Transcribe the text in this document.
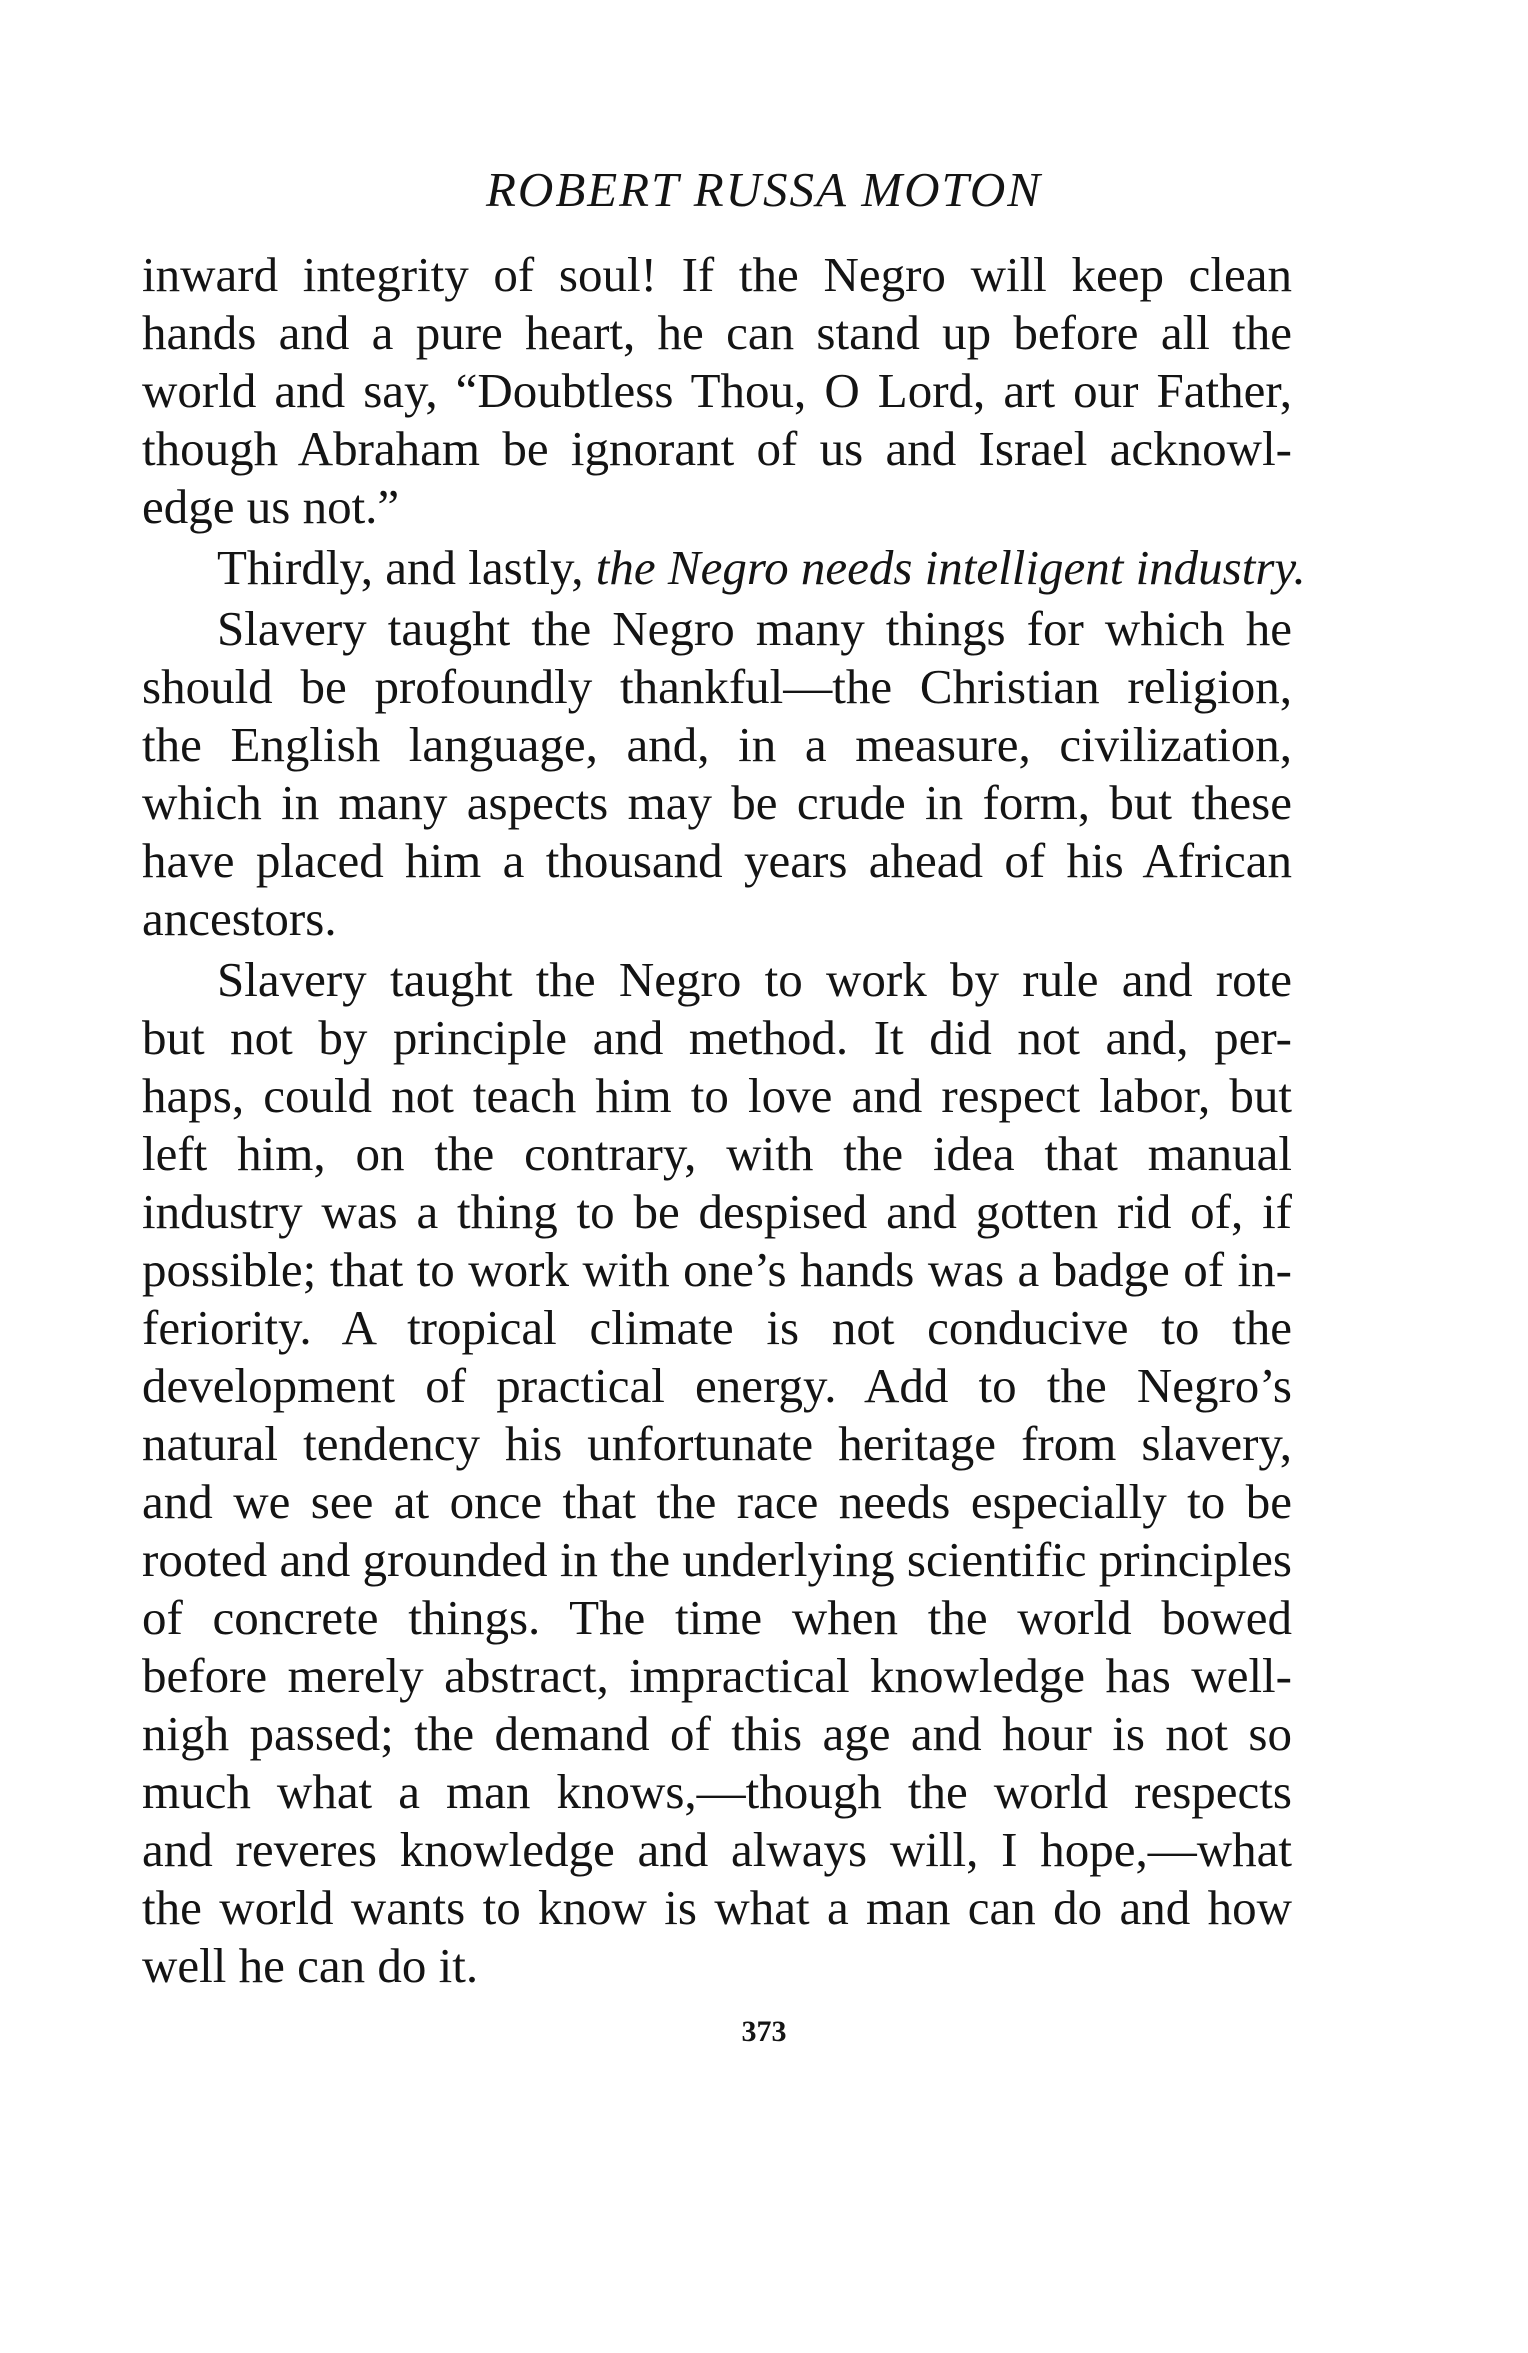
ROBERT RUSSA MOTON
inward integrity of soul! If the Negro will keep clean
hands and a pure heart, he can stand up before all the
world and say, “Doubtless Thou, O Lord, art our Father,
though Abraham be ignorant of us and Israel acknowl-
edge us not.”
Thirdly, and lastly, the Negro needs intelligent industry.
Slavery taught the Negro many things for which he
should be profoundly thankful—the Christian religion,
the English language, and, in a measure, civilization,
which in many aspects may be crude in form, but these
have placed him a thousand years ahead of his African
ancestors.
Slavery taught the Negro to work by rule and rote
but not by principle and method. It did not and, per-
haps, could not teach him to love and respect labor, but
left him, on the contrary, with the idea that manual
industry was a thing to be despised and gotten rid of, if
possible; that to work with one’s hands was a badge of in-
feriority. A tropical climate is not conducive to the
development of practical energy. Add to the Negro’s
natural tendency his unfortunate heritage from slavery,
and we see at once that the race needs especially to be
rooted and grounded in the underlying scientific principles
of concrete things. The time when the world bowed
before merely abstract, impractical knowledge has well-
nigh passed; the demand of this age and hour is not so
much what a man knows,—though the world respects
and reveres knowledge and always will, I hope,—what
the world wants to know is what a man can do and how
well he can do it.
373
